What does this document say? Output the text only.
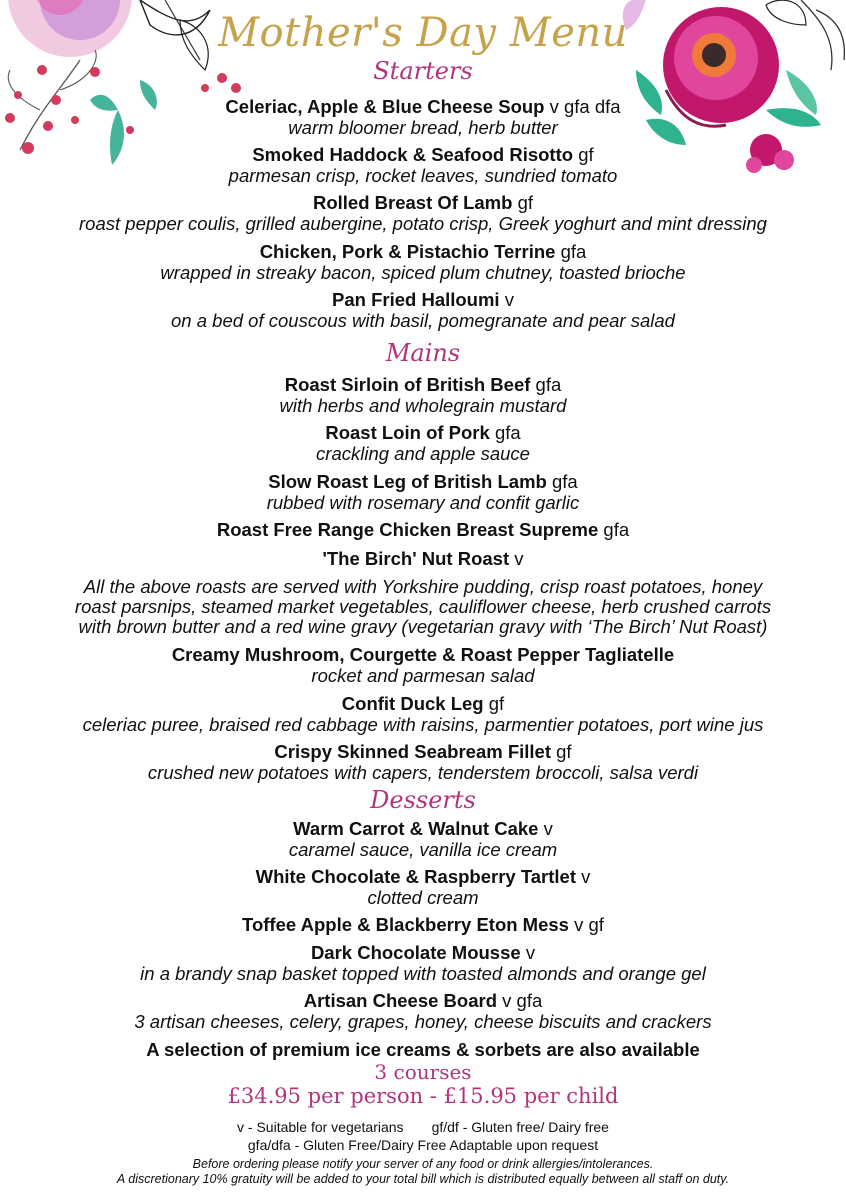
Mother's Day Menu
Starters
Celeriac, Apple & Blue Cheese Soup v gfa dfa
warm bloomer bread, herb butter
Smoked Haddock & Seafood Risotto gf
parmesan crisp, rocket leaves, sundried tomato
Rolled Breast Of Lamb gf
roast pepper coulis, grilled aubergine, potato crisp, Greek yoghurt and mint dressing
Chicken, Pork & Pistachio Terrine gfa
wrapped in streaky bacon, spiced plum chutney, toasted brioche
Pan Fried Halloumi v
on a bed of couscous with basil, pomegranate and pear salad
Mains
Roast Sirloin of British Beef gfa
with herbs and wholegrain mustard
Roast Loin of Pork gfa
crackling and apple sauce
Slow Roast Leg of British Lamb gfa
rubbed with rosemary and confit garlic
Roast Free Range Chicken Breast Supreme gfa
'The Birch' Nut Roast v
All the above roasts are served with Yorkshire pudding, crisp roast potatoes, honey
roast parsnips, steamed market vegetables, cauliflower cheese, herb crushed carrots
with brown butter and a red wine gravy (vegetarian gravy with ‘The Birch’ Nut Roast)
Creamy Mushroom, Courgette & Roast Pepper Tagliatelle
rocket and parmesan salad
Confit Duck Leg gf
celeriac puree, braised red cabbage with raisins, parmentier potatoes, port wine jus
Crispy Skinned Seabream Fillet gf
crushed new potatoes with capers, tenderstem broccoli, salsa verdi
Desserts
Warm Carrot & Walnut Cake v
caramel sauce, vanilla ice cream
White Chocolate & Raspberry Tartlet v
clotted cream
Toffee Apple & Blackberry Eton Mess v gf
Dark Chocolate Mousse v
in a brandy snap basket topped with toasted almonds and orange gel
Artisan Cheese Board v gfa
3 artisan cheeses, celery, grapes, honey, cheese biscuits and crackers
A selection of premium ice creams & sorbets are also available
3 courses
£34.95 per person - £15.95 per child
v - Suitable for vegetarians gf/df - Gluten free/ Dairy free
gfa/dfa - Gluten Free/Dairy Free Adaptable upon request
Before ordering please notify your server of any food or drink allergies/intolerances.
A discretionary 10% gratuity will be added to your total bill which is distributed equally between all staff on duty.
